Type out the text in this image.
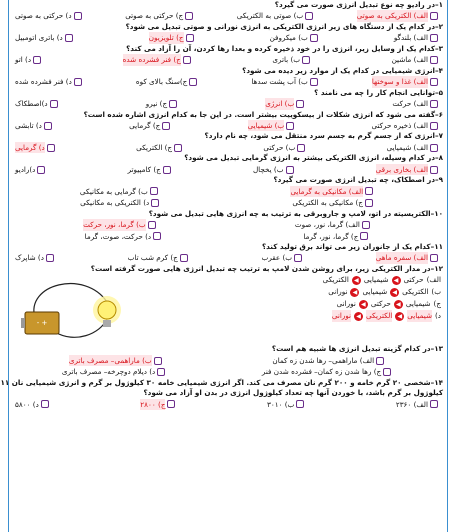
۱–در رادیو چه نوع تبدیل انرژی صورت می گیرد؟
الف) الکتریکی به صوتی
ب) صوتی به الکتریکی
ج) حرکتی به صوتی
د) حرکتی به صوتی
۲–در کدام یک از دستگاه های زیر انرژی الکتریکی به انرژی نورانی و صوتی تبدیل می شود؟
الف) بلندگو
ب) میکروفن
ج) تلویزیون
د) باتری اتومبیل
۳–کدام یک از وسایل زیر، انرژی را در خود ذخیره کرده و بعدا رها کردن، آن را آزاد می کند؟
الف) ماشین
ب) باتری
ج) فنر فشرده شده
د) اتو
۴–انرژی شیمیایی در کدام یک از موارد زیر دیده می شود؟
الف) غذا و سوختها
ب) آب پشت سدها
ج)سنگ بالای کوه
د) فنر فشرده شده
۵–توانایی انجام کار را چه می نامند ؟
الف) حرکت
ب) انرژی
ج) نیرو
د)اصطکاک
۶–گفته می شود که انرژی شکلات از بیسکوییت بیشتر است. در این جا به کدام انرژی اشاره شده است؟
الف) ذخیره حرکتی
ب) شیمیایی
ج) گرمایی
د) تابشی
۷–انرژی که از جسم گرم به جسم سرد منتقل می شود، چه نام دارد؟
الف) شیمیایی
ب) حرکتی
ج) الکتریکی
د) گرمایی
۸–در کدام وسیله، انرژی الکتریکی بیشتر به انرژی گرمایی تبدیل می شود؟
الف) بخاری برقی
ب) یخچال
ج) کامپیوتر
د)رادیو
۹–در اصطکاک، چه تبدیل انرژی صورت می گیرد؟
الف) مکانیکی به گرمایی
ب) گرمایی به مکانیکی
ج) مکانیکی به الکتریکی
د) الکتریکی به مکانیکی
۱۰–الکتریسیته در اتو، لامپ و جاروبرقی به ترتیب به چه انرژی هایی تبدیل می شود؟
الف) گرما، نور، صوت
ب) گرما، نور، حرکت
ج) گرما، نور، گرما
د) حرکت، صوت، گرما
۱۱–کدام یک از جانوران زیر می تواند برق تولید کند؟
الف) سفره ماهی
ب) عقرب
ج) کرم شب تاب
د) شاپرک
۱۲–در مدار الکتریکی زیر، برای روشن شدن لامپ به ترتیب چه تبدیل انرژی هایی صورت گرفته است؟
الف)
حرکتی
◀
شیمیایی
◀
الکتریکی
ب)
الکتریکی
◀
شیمیایی
◀
نورانی
ج)
شیمیایی
◀
حرکتی
◀
نورانی
د)
شیمیایی
◀
الکتریکی
◀
نورانی
+ -
۱۳–در کدام گزینه تبدیل انرژی ها شبیه هم است؟
الف) ماراهمی– رها شدن زه کمان
ب) ماراهمی– مصرف باتری
ج) رها شدن زه کمان– فشرده شدن فنر
د) دیلام دوچرخه– مصرف باتری
۱۴–شخصی ۲۰ گرم خامه و ۲۰۰ گرم نان مصرف می کند. اگر انرژی شیمیایی خامه ۳۰ کیلوژول بر گرم و انرژی شیمیایی نان ۱۱
کیلوژول بر گرم باشد، با خوردن آنها چه تعداد کیلوژول انرژی در بدن او آزاد می شود؟
الف) ۲۳۶۰
ب) ۳۰۱۰
ج) ۲۸۰۰
د) ۵۸۰۰
